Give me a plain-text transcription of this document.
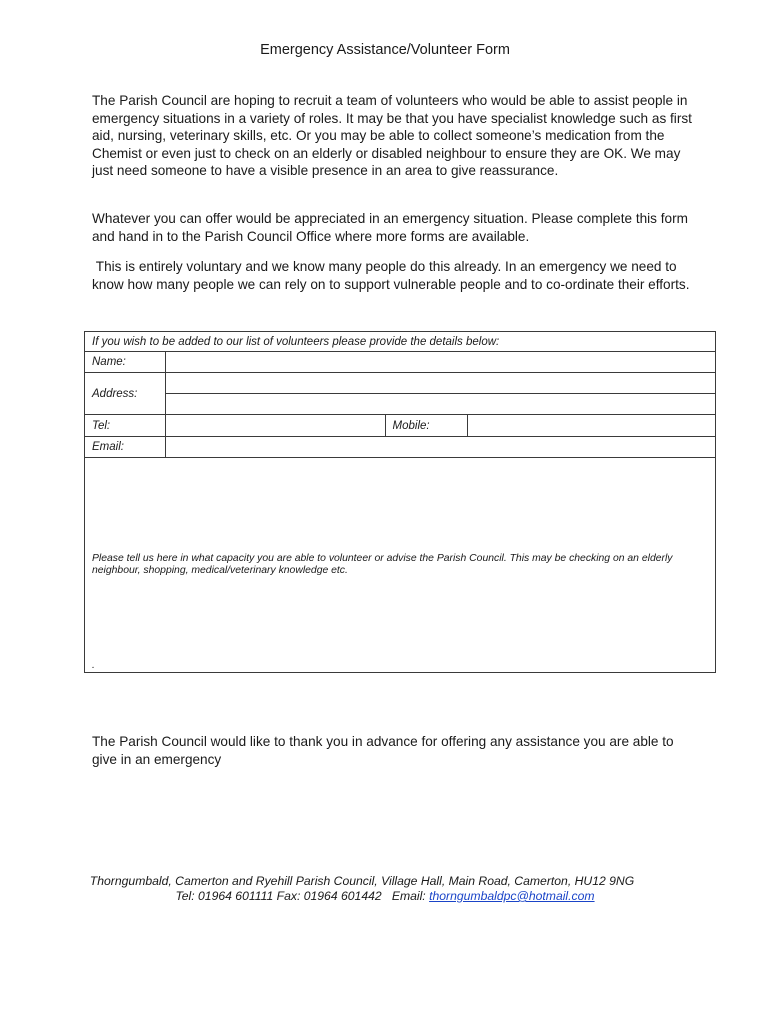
Emergency Assistance/Volunteer Form

The Parish Council are hoping to recruit a team of volunteers who would be able to assist people in emergency situations in a variety of roles. It may be that you have specialist knowledge such as first aid, nursing, veterinary skills, etc. Or you may be able to collect someone’s medication from the Chemist or even just to check on an elderly or disabled neighbour to ensure they are OK. We may just need someone to have a visible presence in an area to give reassurance.

Whatever you can offer would be appreciated in an emergency situation. Please complete this form and hand in to the Parish Council Office where more forms are available.

This is entirely voluntary and we know many people do this already. In an emergency we need to know how many people we can rely on to support vulnerable people and to co-ordinate their efforts.

If you wish to be added to our list of volunteers please provide the details below:			
Name:			
Address:			

Tel:		Mobile:	
Email:			

Please tell us here in what capacity you are able to volunteer or advise the Parish Council. This may be checking on an elderly neighbour, shopping, medical/veterinary knowledge etc.
.			

The Parish Council would like to thank you in advance for offering any assistance you are able to give in an emergency

Thorngumbald, Camerton and Ryehill Parish Council, Village Hall, Main Road, Camerton, HU12 9NG
Tel: 01964 601111 Fax: 01964 601442   Email: thorngumbaldpc@hotmail.com
